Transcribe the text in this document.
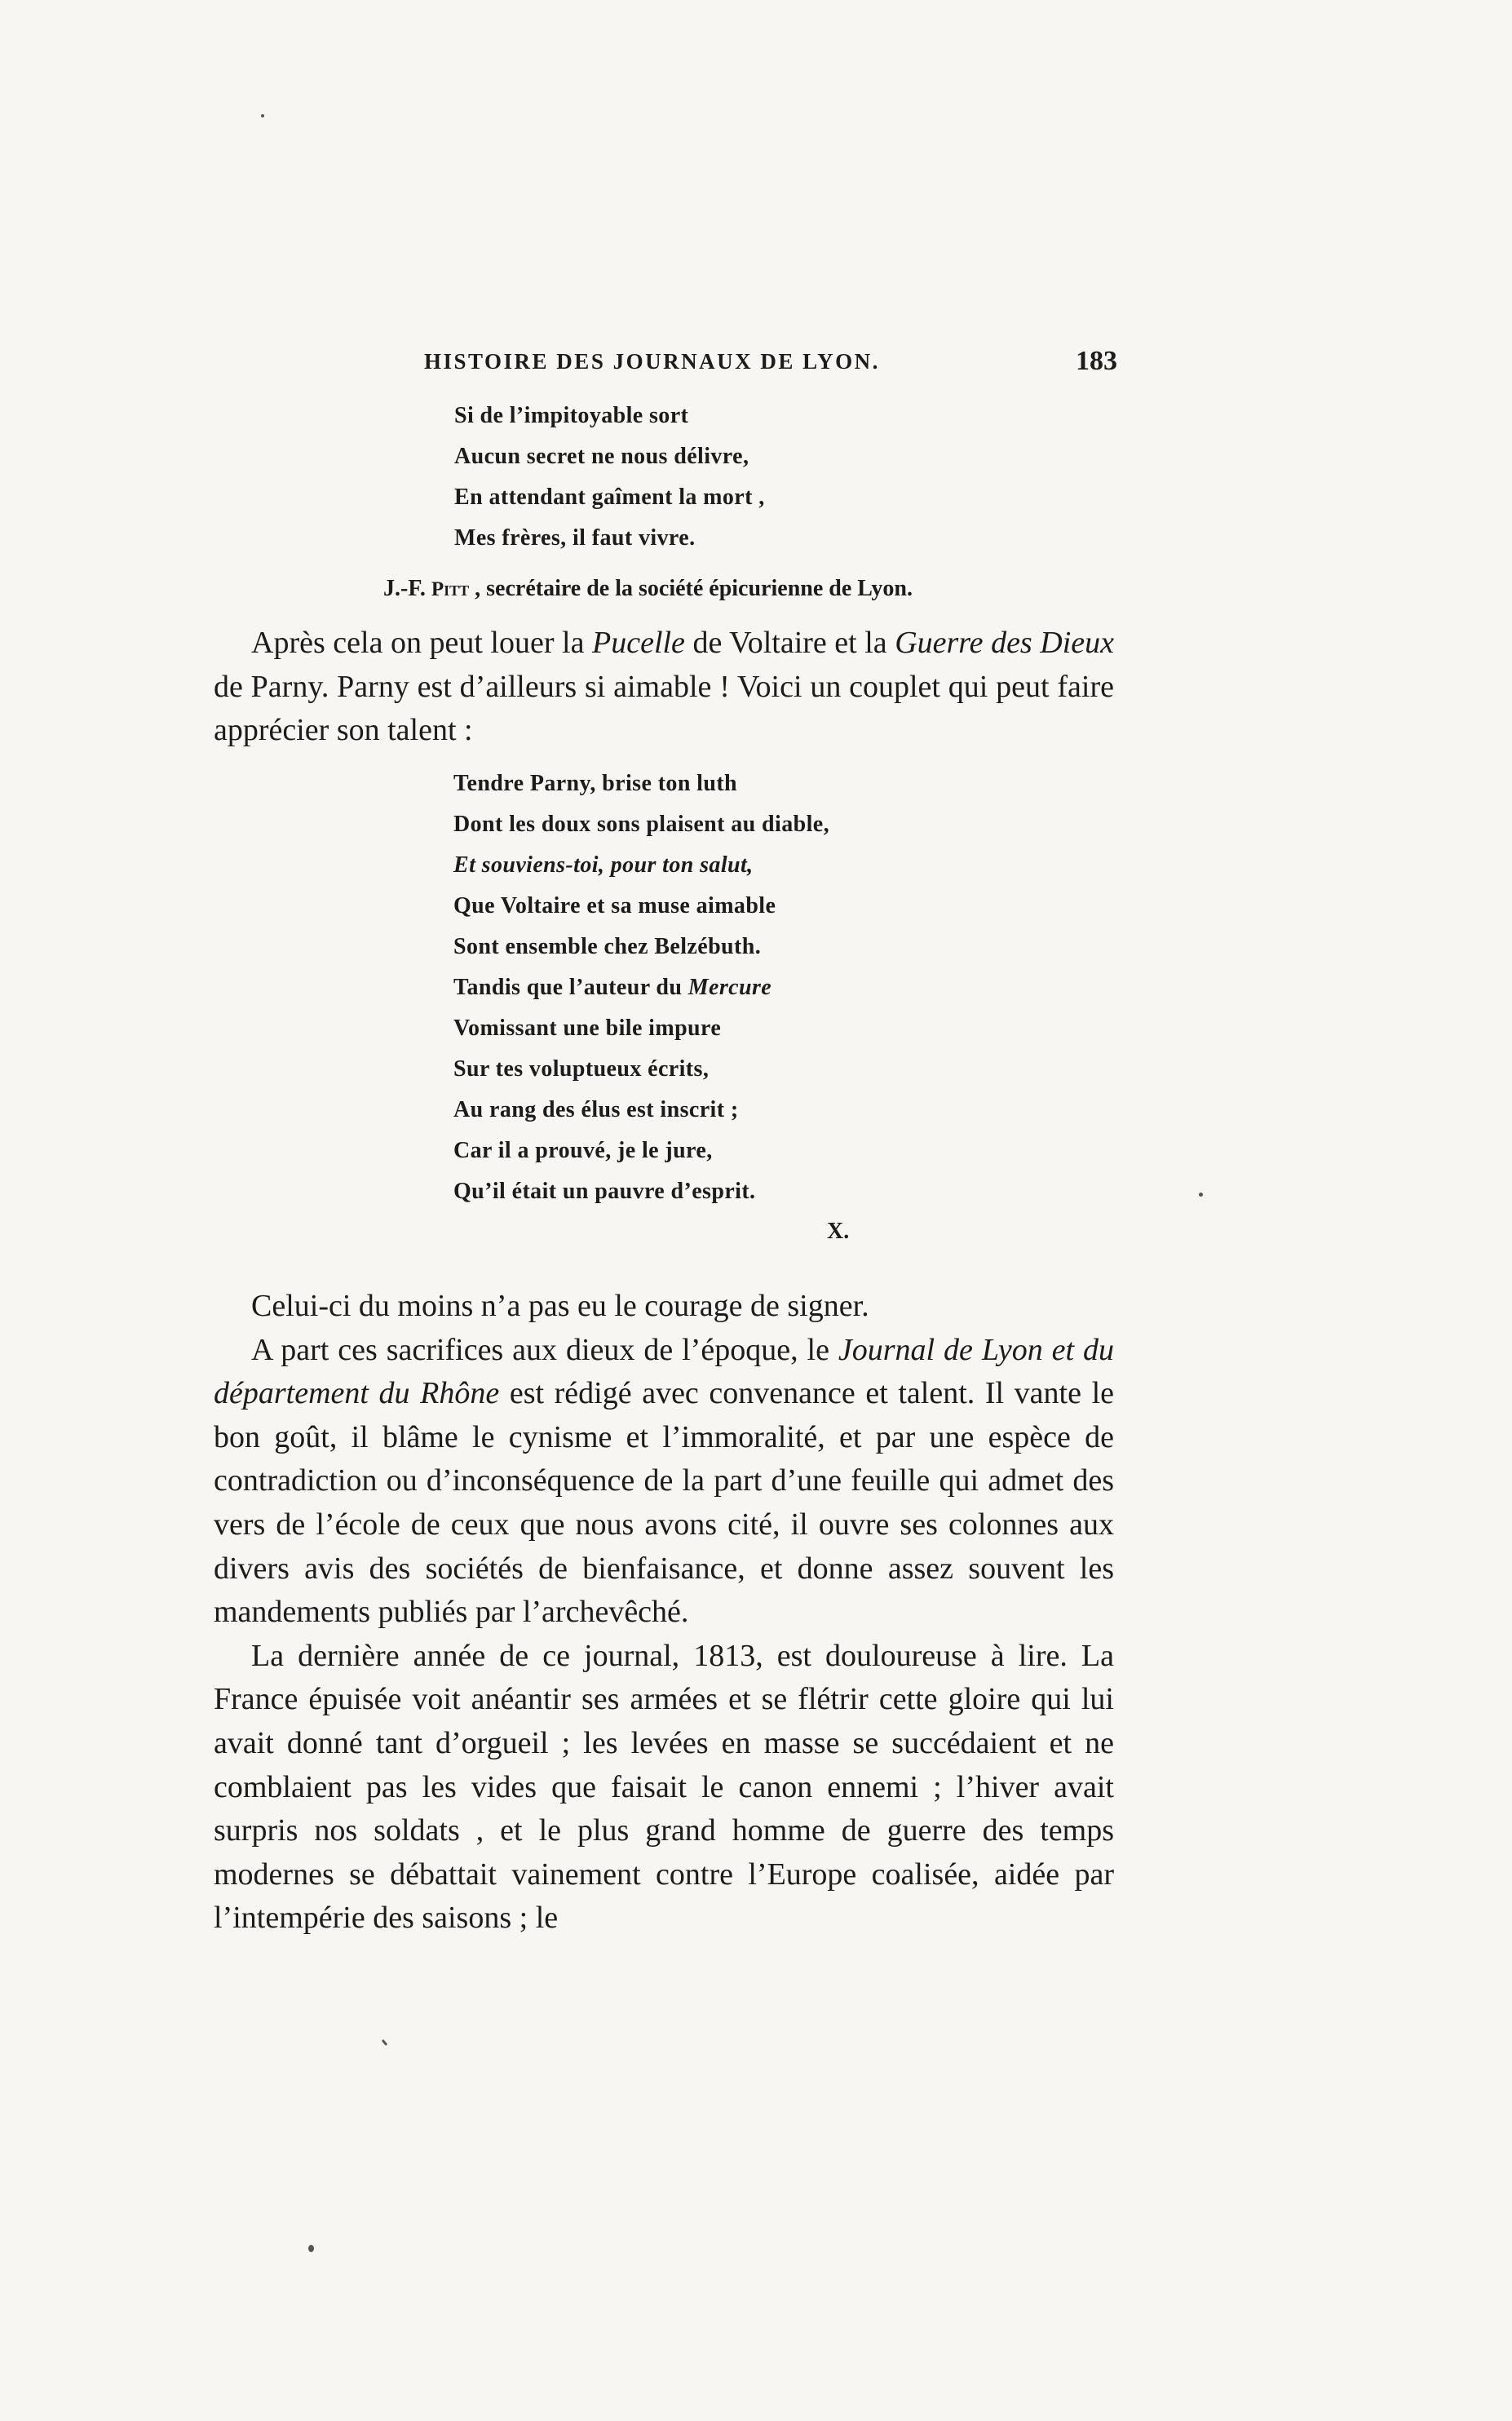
HISTOIRE DES JOURNAUX DE LYON.	183
Si de l’impitoyable sort
Aucun secret ne nous délivre,
En attendant gaîment la mort ,
Mes frères, il faut vivre.
J.-F. Pitt , secrétaire de la société épicurienne de Lyon.

Après cela on peut louer la Pucelle de Voltaire et la Guerre des Dieux de Parny. Parny est d’ailleurs si aimable ! Voici un couplet qui peut faire apprécier son talent :

Tendre Parny, brise ton luth
Dont les doux sons plaisent au diable,
Et souviens-toi, pour ton salut,
Que Voltaire et sa muse aimable
Sont ensemble chez Belzébuth.
Tandis que l’auteur du Mercure
Vomissant une bile impure
Sur tes voluptueux écrits,
Au rang des élus est inscrit ;
Car il a prouvé, je le jure,
Qu’il était un pauvre d’esprit.
X.

Celui-ci du moins n’a pas eu le courage de signer.

A part ces sacrifices aux dieux de l’époque, le Journal de Lyon et du département du Rhône est rédigé avec convenance et talent. Il vante le bon goût, il blâme le cynisme et l’immoralité, et par une espèce de contradiction ou d’inconséquence de la part d’une feuille qui admet des vers de l’école de ceux que nous avons cité, il ouvre ses colonnes aux divers avis des sociétés de bienfaisance, et donne assez souvent les mandements publiés par l’archevêché.

La dernière année de ce journal, 1813, est douloureuse à lire. La France épuisée voit anéantir ses armées et se flétrir cette gloire qui lui avait donné tant d’orgueil ; les levées en masse se succédaient et ne comblaient pas les vides que faisait le canon ennemi ; l’hiver avait surpris nos soldats , et le plus grand homme de guerre des temps modernes se débattait vainement contre l’Europe coalisée, aidée par l’intempérie des saisons ; le
